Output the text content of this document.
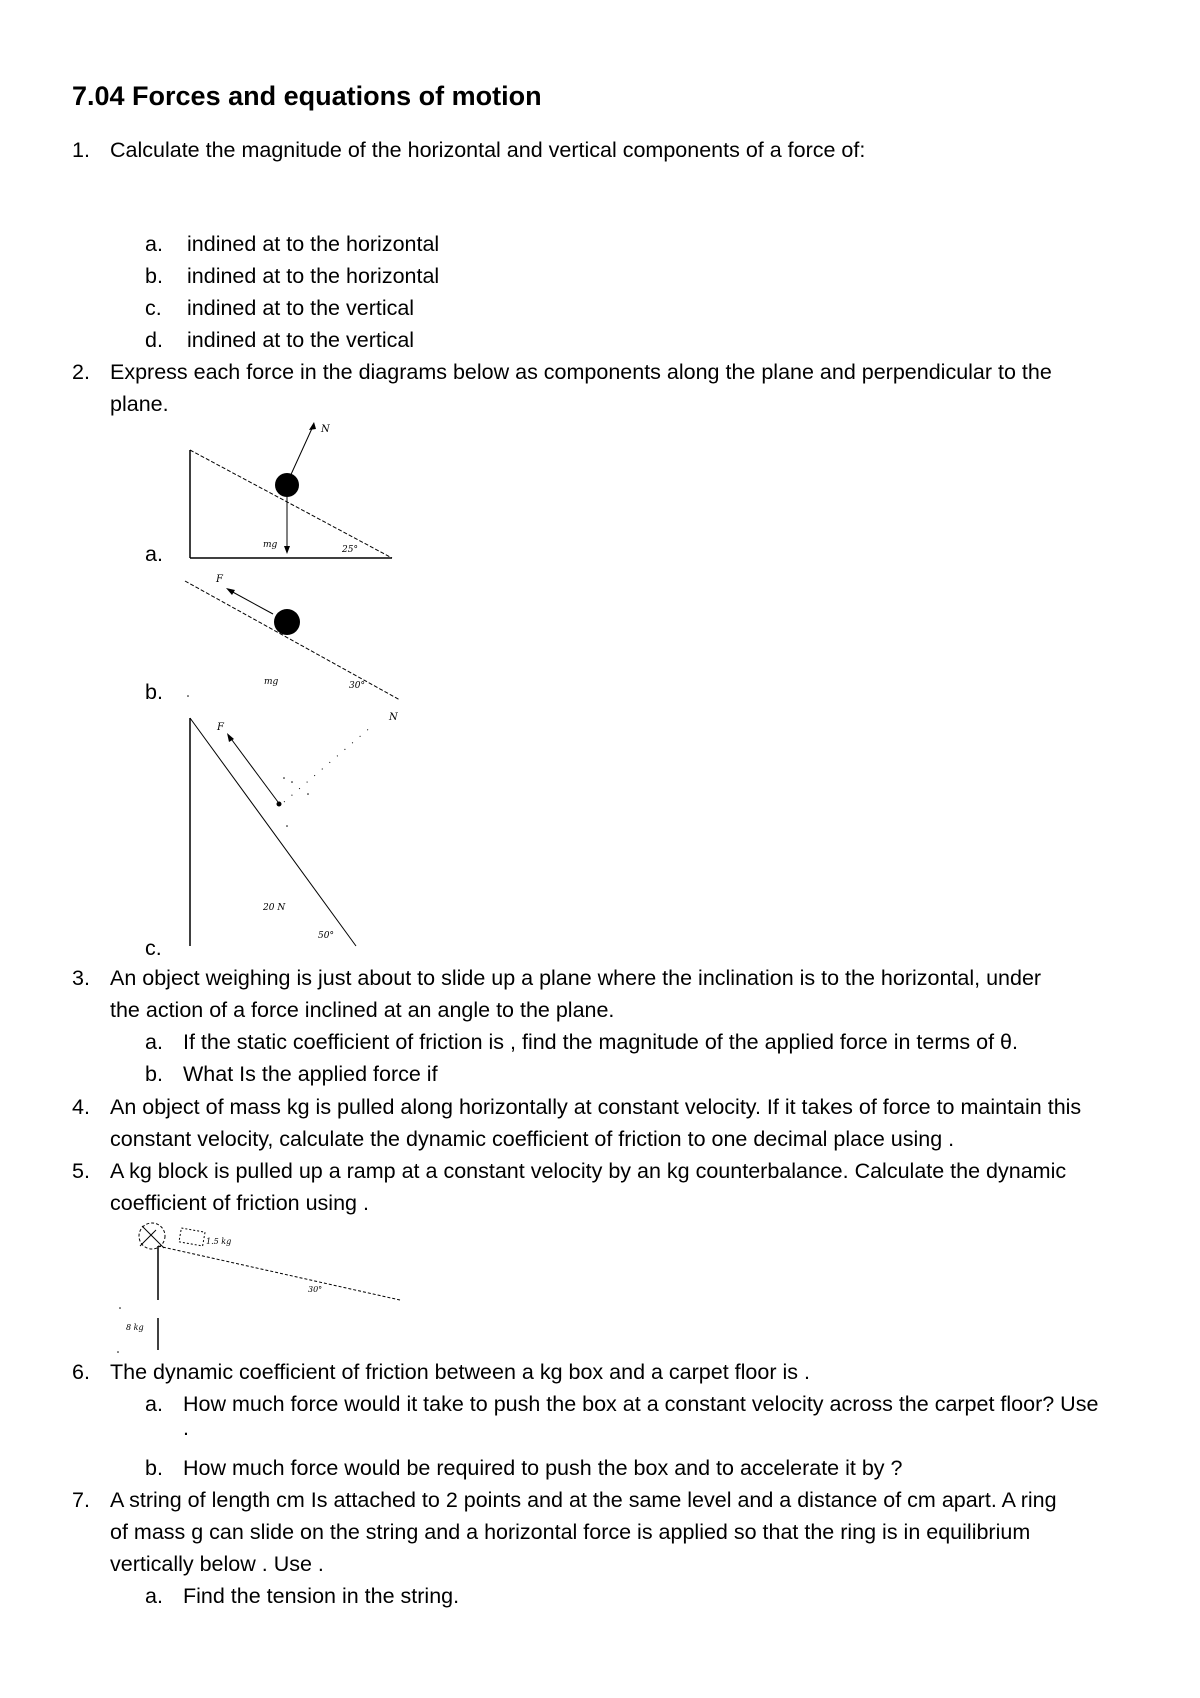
7.04 Forces and equations of motion
1. Calculate the magnitude of the horizontal and vertical components of a force of:
a. indined at to the horizontal
b. indined at to the horizontal
c. indined at to the vertical
d. indined at to the vertical
2. Express each force in the diagrams below as components along the plane and perpendicular to the
plane.
a.
N
mg	25°
b.
F
mg	30°
c.
F
N
20 N
50°
3. An object weighing is just about to slide up a plane where the inclination is to the horizontal, under
the action of a force inclined at an angle to the plane.
a. If the static coefficient of friction is , find the magnitude of the applied force in terms of θ.
b. What Is the applied force if
4. An object of mass kg is pulled along horizontally at constant velocity. If it takes of force to maintain this
constant velocity, calculate the dynamic coefficient of friction to one decimal place using .
5. A kg block is pulled up a ramp at a constant velocity by an kg counterbalance. Calculate the dynamic
coefficient of friction using .
1.5 kg
30°
8 kg
6. The dynamic coefficient of friction between a kg box and a carpet floor is .
a. How much force would it take to push the box at a constant velocity across the carpet floor? Use
.
b. How much force would be required to push the box and to accelerate it by ?
7. A string of length cm Is attached to 2 points and at the same level and a distance of cm apart. A ring
of mass g can slide on the string and a horizontal force is applied so that the ring is in equilibrium
vertically below . Use .
a. Find the tension in the string.
